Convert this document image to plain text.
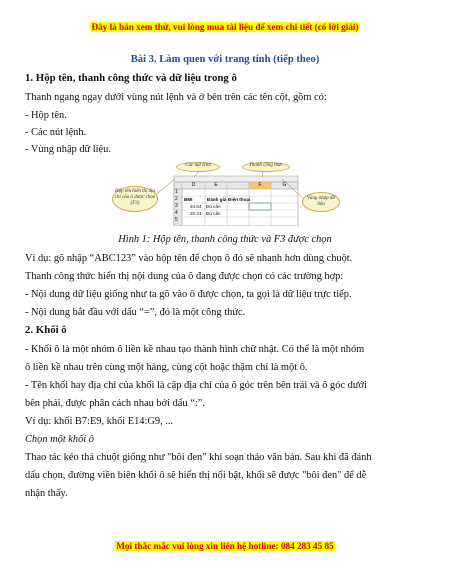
Đây là bản xem thử, vui lòng mua tài liệu để xem chi tiết (có lời giải)
Bài 3. Làm quen với trang tính (tiếp theo)
1. Hộp tên, thanh công thức và dữ liệu trong ô
Thanh ngang ngay dưới vùng nút lệnh và ở bên trên các tên cột, gồm có:
- Hộp tên.
- Các nút lệnh.
- Vùng nhập dữ liệu.
Các nút lệnh	Thanh công thức
Hộp tên hiển thị địa chỉ của ô được chọn (F3)
Vùng nhập dữ liệu
D	E	F	G
1
2
3
4
5
BMI	Đánh giá Điện thoại
24.64 Đủ cân
20.31 Đủ cân
Hình 1: Hộp tên, thanh công thức và F3 được chọn
Ví dụ: gõ nhập “ABC123” vào hộp tên để chọn ô đó sẽ nhanh hơn dùng chuột.
Thanh công thức hiển thị nội dung của ô đang được chọn có các trường hợp:
- Nội dung dữ liệu giống như ta gõ vào ô được chọn, ta gọi là dữ liệu trực tiếp.
- Nội dung bắt đầu với dấu “=”, đó là một công thức.
2. Khối ô
- Khối ô là một nhóm ô liền kề nhau tạo thành hình chữ nhật. Có thể là một nhóm
ô liền kề nhau trên cùng một hàng, cùng cột hoặc thậm chí là một ô.
- Tên khối hay địa chỉ của khối là cặp địa chỉ của ô góc trên bên trái và ô góc dưới
bên phải, được phân cách nhau bởi dấu “:”.
Ví dụ: khối B7:E9, khối E14:G9, ...
Chọn một khối ô
Thao tác kéo thả chuột giống như "bôi đen" khi soạn thảo văn bản. Sau khi đã đánh
dấu chọn, đường viền biên khối ô sẽ hiển thị nổi bật, khối sẽ được "bôi đen" để dễ
nhận thấy.
Mọi thắc mắc vui lòng xin liên hệ hotline: 084 283 45 85
